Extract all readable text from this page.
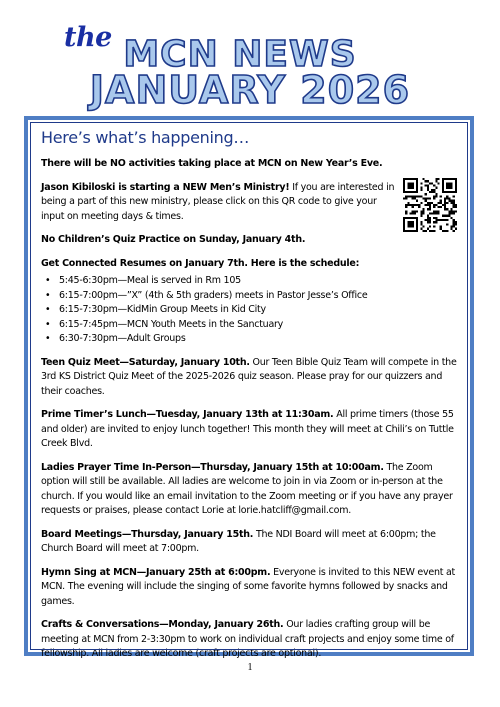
the MCN NEWS
JANUARY 2026
Here’s what’s happening…

There will be NO activities taking place at MCN on New Year’s Eve.

Jason Kibiloski is starting a NEW Men’s Ministry! If you are interested in being a part of this new ministry, please click on this QR code to give your input on meeting days & times.

No Children’s Quiz Practice on Sunday, January 4th.

Get Connected Resumes on January 7th. Here is the schedule:

• 5:45-6:30pm—Meal is served in Rm 105
• 6:15-7:00pm—”X” (4th & 5th graders) meets in Pastor Jesse’s Office
• 6:15-7:30pm—KidMin Group Meets in Kid City
• 6:15-7:45pm—MCN Youth Meets in the Sanctuary
• 6:30-7:30pm—Adult Groups

Teen Quiz Meet—Saturday, January 10th. Our Teen Bible Quiz Team will compete in the 3rd KS District Quiz Meet of the 2025-2026 quiz season. Please pray for our quizzers and their coaches.

Prime Timer’s Lunch—Tuesday, January 13th at 11:30am. All prime timers (those 55 and older) are invited to enjoy lunch together! This month they will meet at Chili’s on Tuttle Creek Blvd.

Ladies Prayer Time In-Person—Thursday, January 15th at 10:00am. The Zoom option will still be available. All ladies are welcome to join in via Zoom or in-person at the church. If you would like an email invitation to the Zoom meeting or if you have any prayer requests or praises, please contact Lorie at lorie.hatcliff@gmail.com.

Board Meetings—Thursday, January 15th. The NDI Board will meet at 6:00pm; the Church Board will meet at 7:00pm.

Hymn Sing at MCN—January 25th at 6:00pm. Everyone is invited to this NEW event at MCN. The evening will include the singing of some favorite hymns followed by snacks and games.

Crafts & Conversations—Monday, January 26th. Our ladies crafting group will be meeting at MCN from 2-3:30pm to work on individual craft projects and enjoy some time of fellowship. All ladies are welcome (craft projects are optional).

1
